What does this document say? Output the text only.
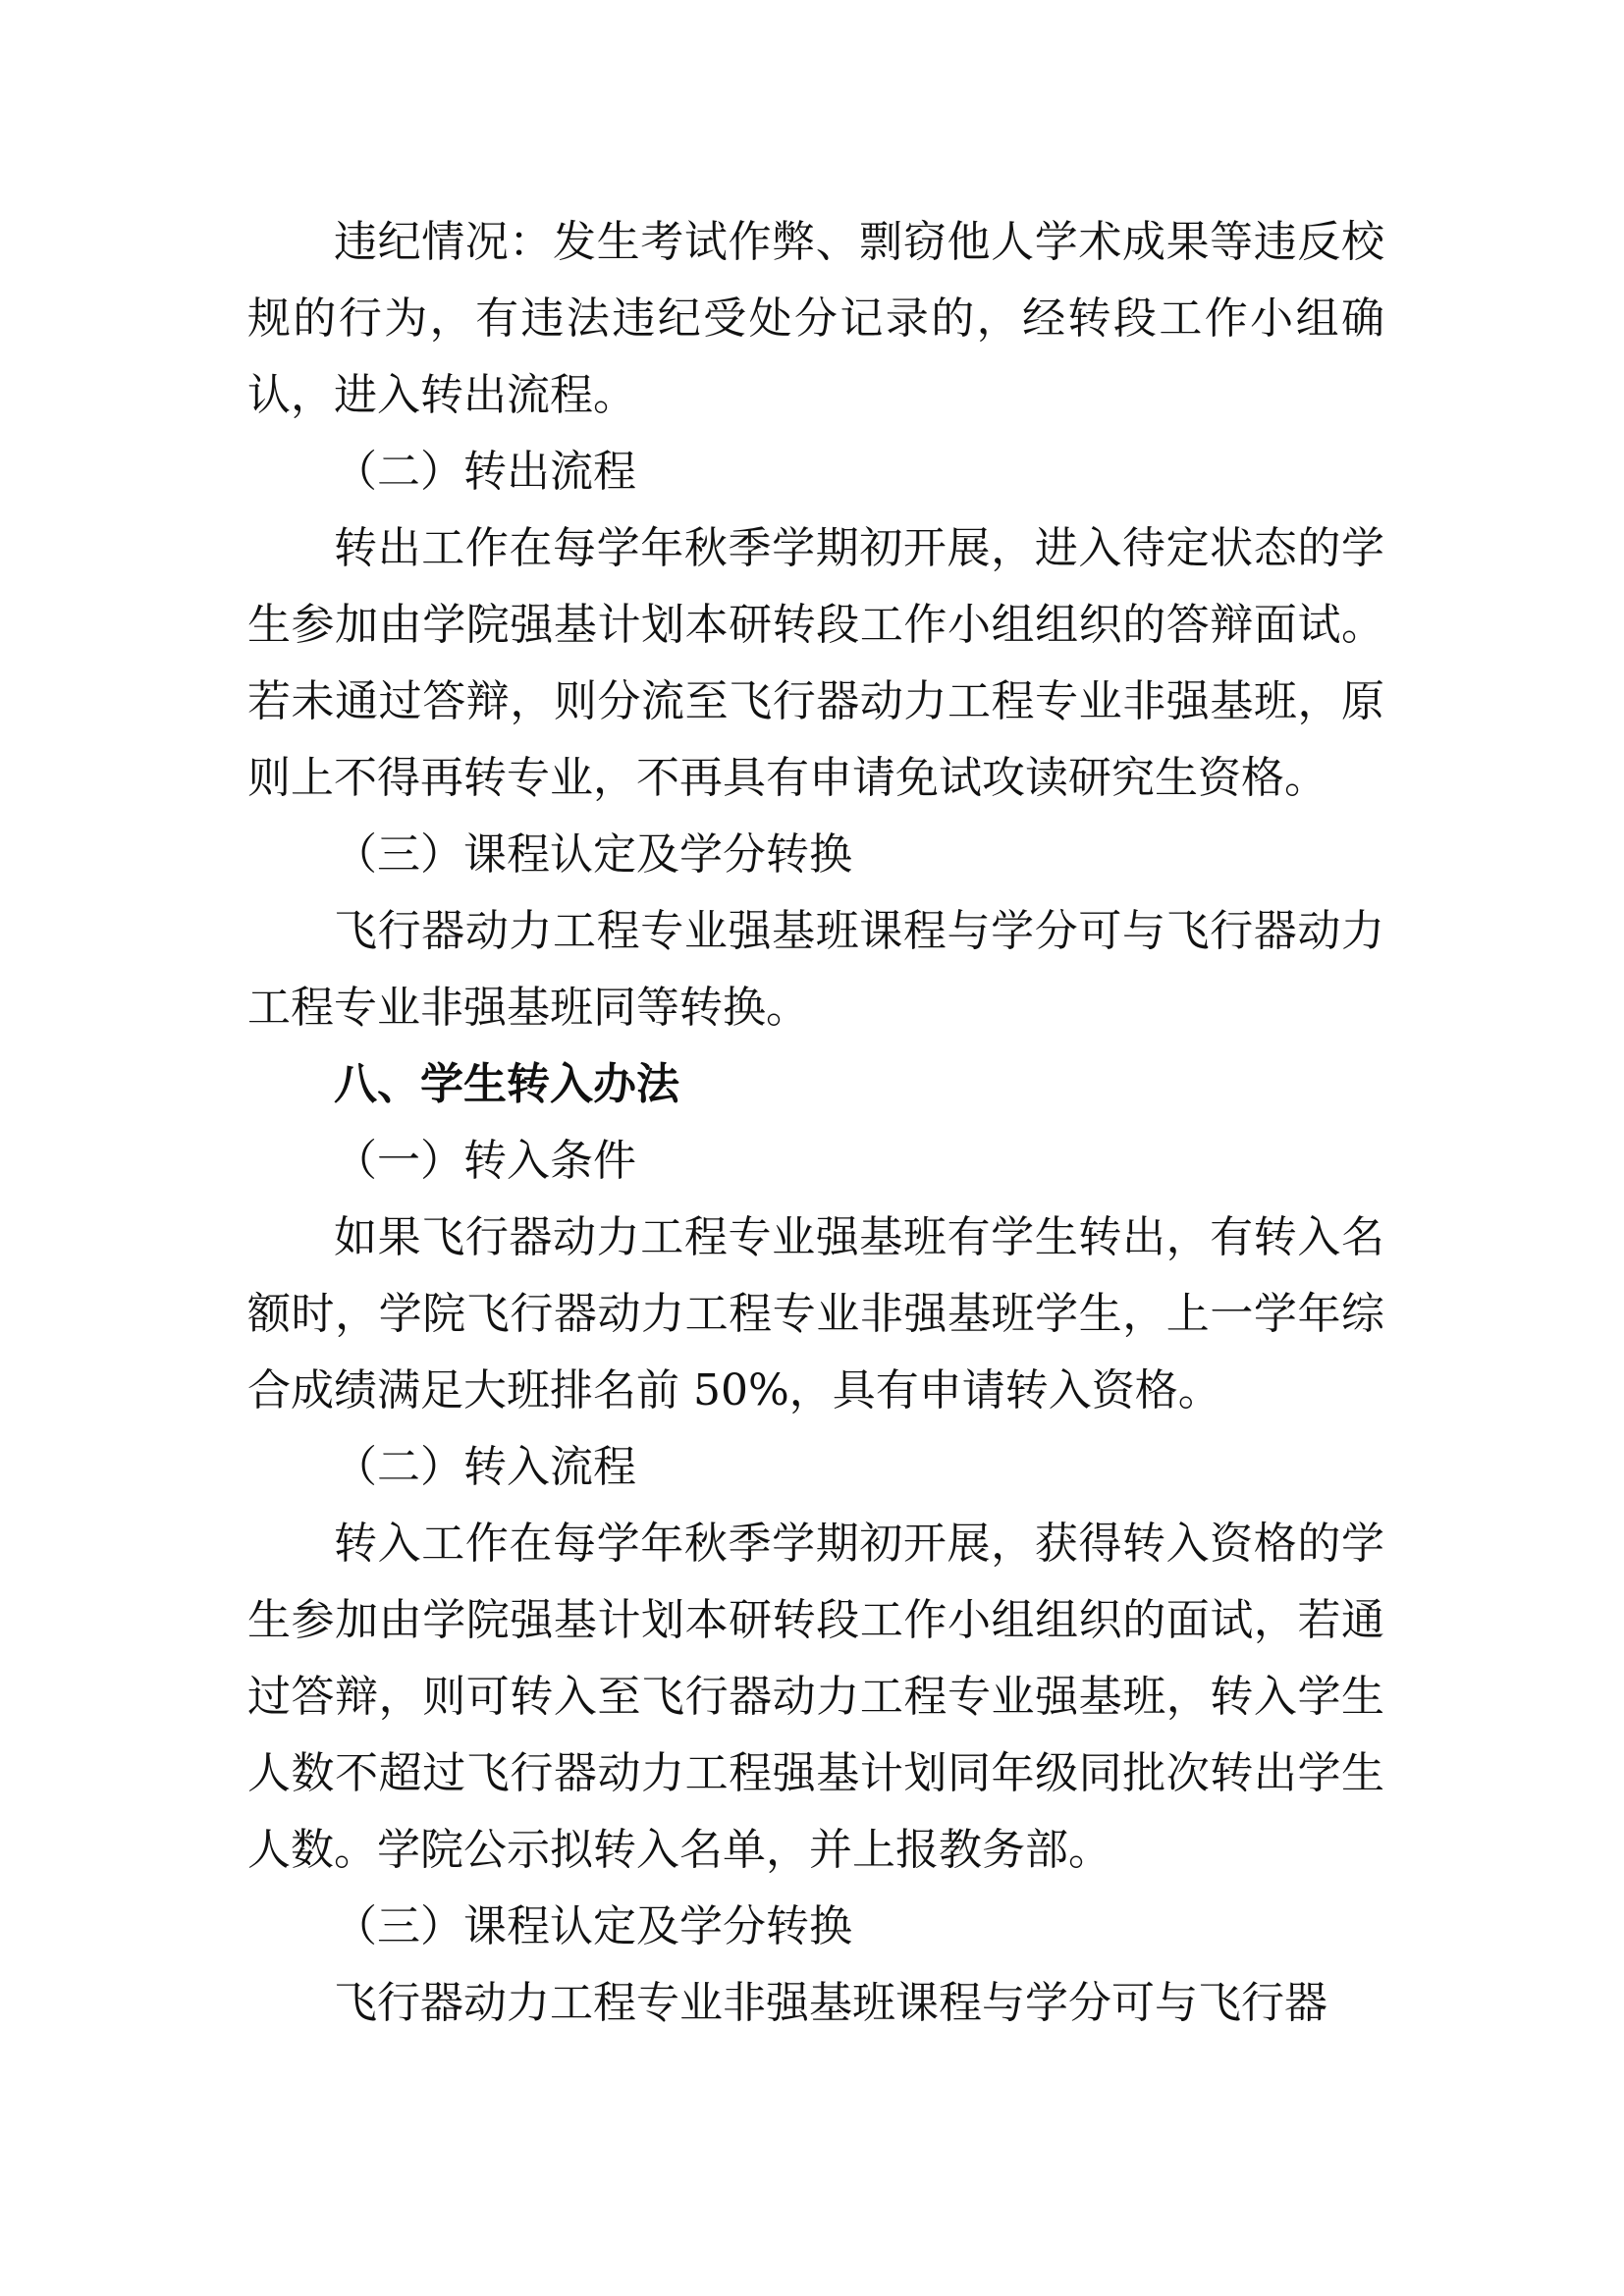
违纪情况：发生考试作弊、剽窃他人学术成果等违反校规的行为，有违法违纪受处分记录的，经转段工作小组确认，进入转出流程。

（二）转出流程

转出工作在每学年秋季学期初开展，进入待定状态的学生参加由学院强基计划本研转段工作小组组织的答辩面试。若未通过答辩，则分流至飞行器动力工程专业非强基班，原则上不得再转专业，不再具有申请免试攻读研究生资格。

（三）课程认定及学分转换

飞行器动力工程专业强基班课程与学分可与飞行器动力工程专业非强基班同等转换。

八、学生转入办法

（一）转入条件

如果飞行器动力工程专业强基班有学生转出，有转入名额时，学院飞行器动力工程专业非强基班学生，上一学年综合成绩满足大班排名前 50%，具有申请转入资格。

（二）转入流程

转入工作在每学年秋季学期初开展，获得转入资格的学生参加由学院强基计划本研转段工作小组组织的面试，若通过答辩，则可转入至飞行器动力工程专业强基班，转入学生人数不超过飞行器动力工程强基计划同年级同批次转出学生人数。学院公示拟转入名单，并上报教务部。

（三）课程认定及学分转换

飞行器动力工程专业非强基班课程与学分可与飞行器
